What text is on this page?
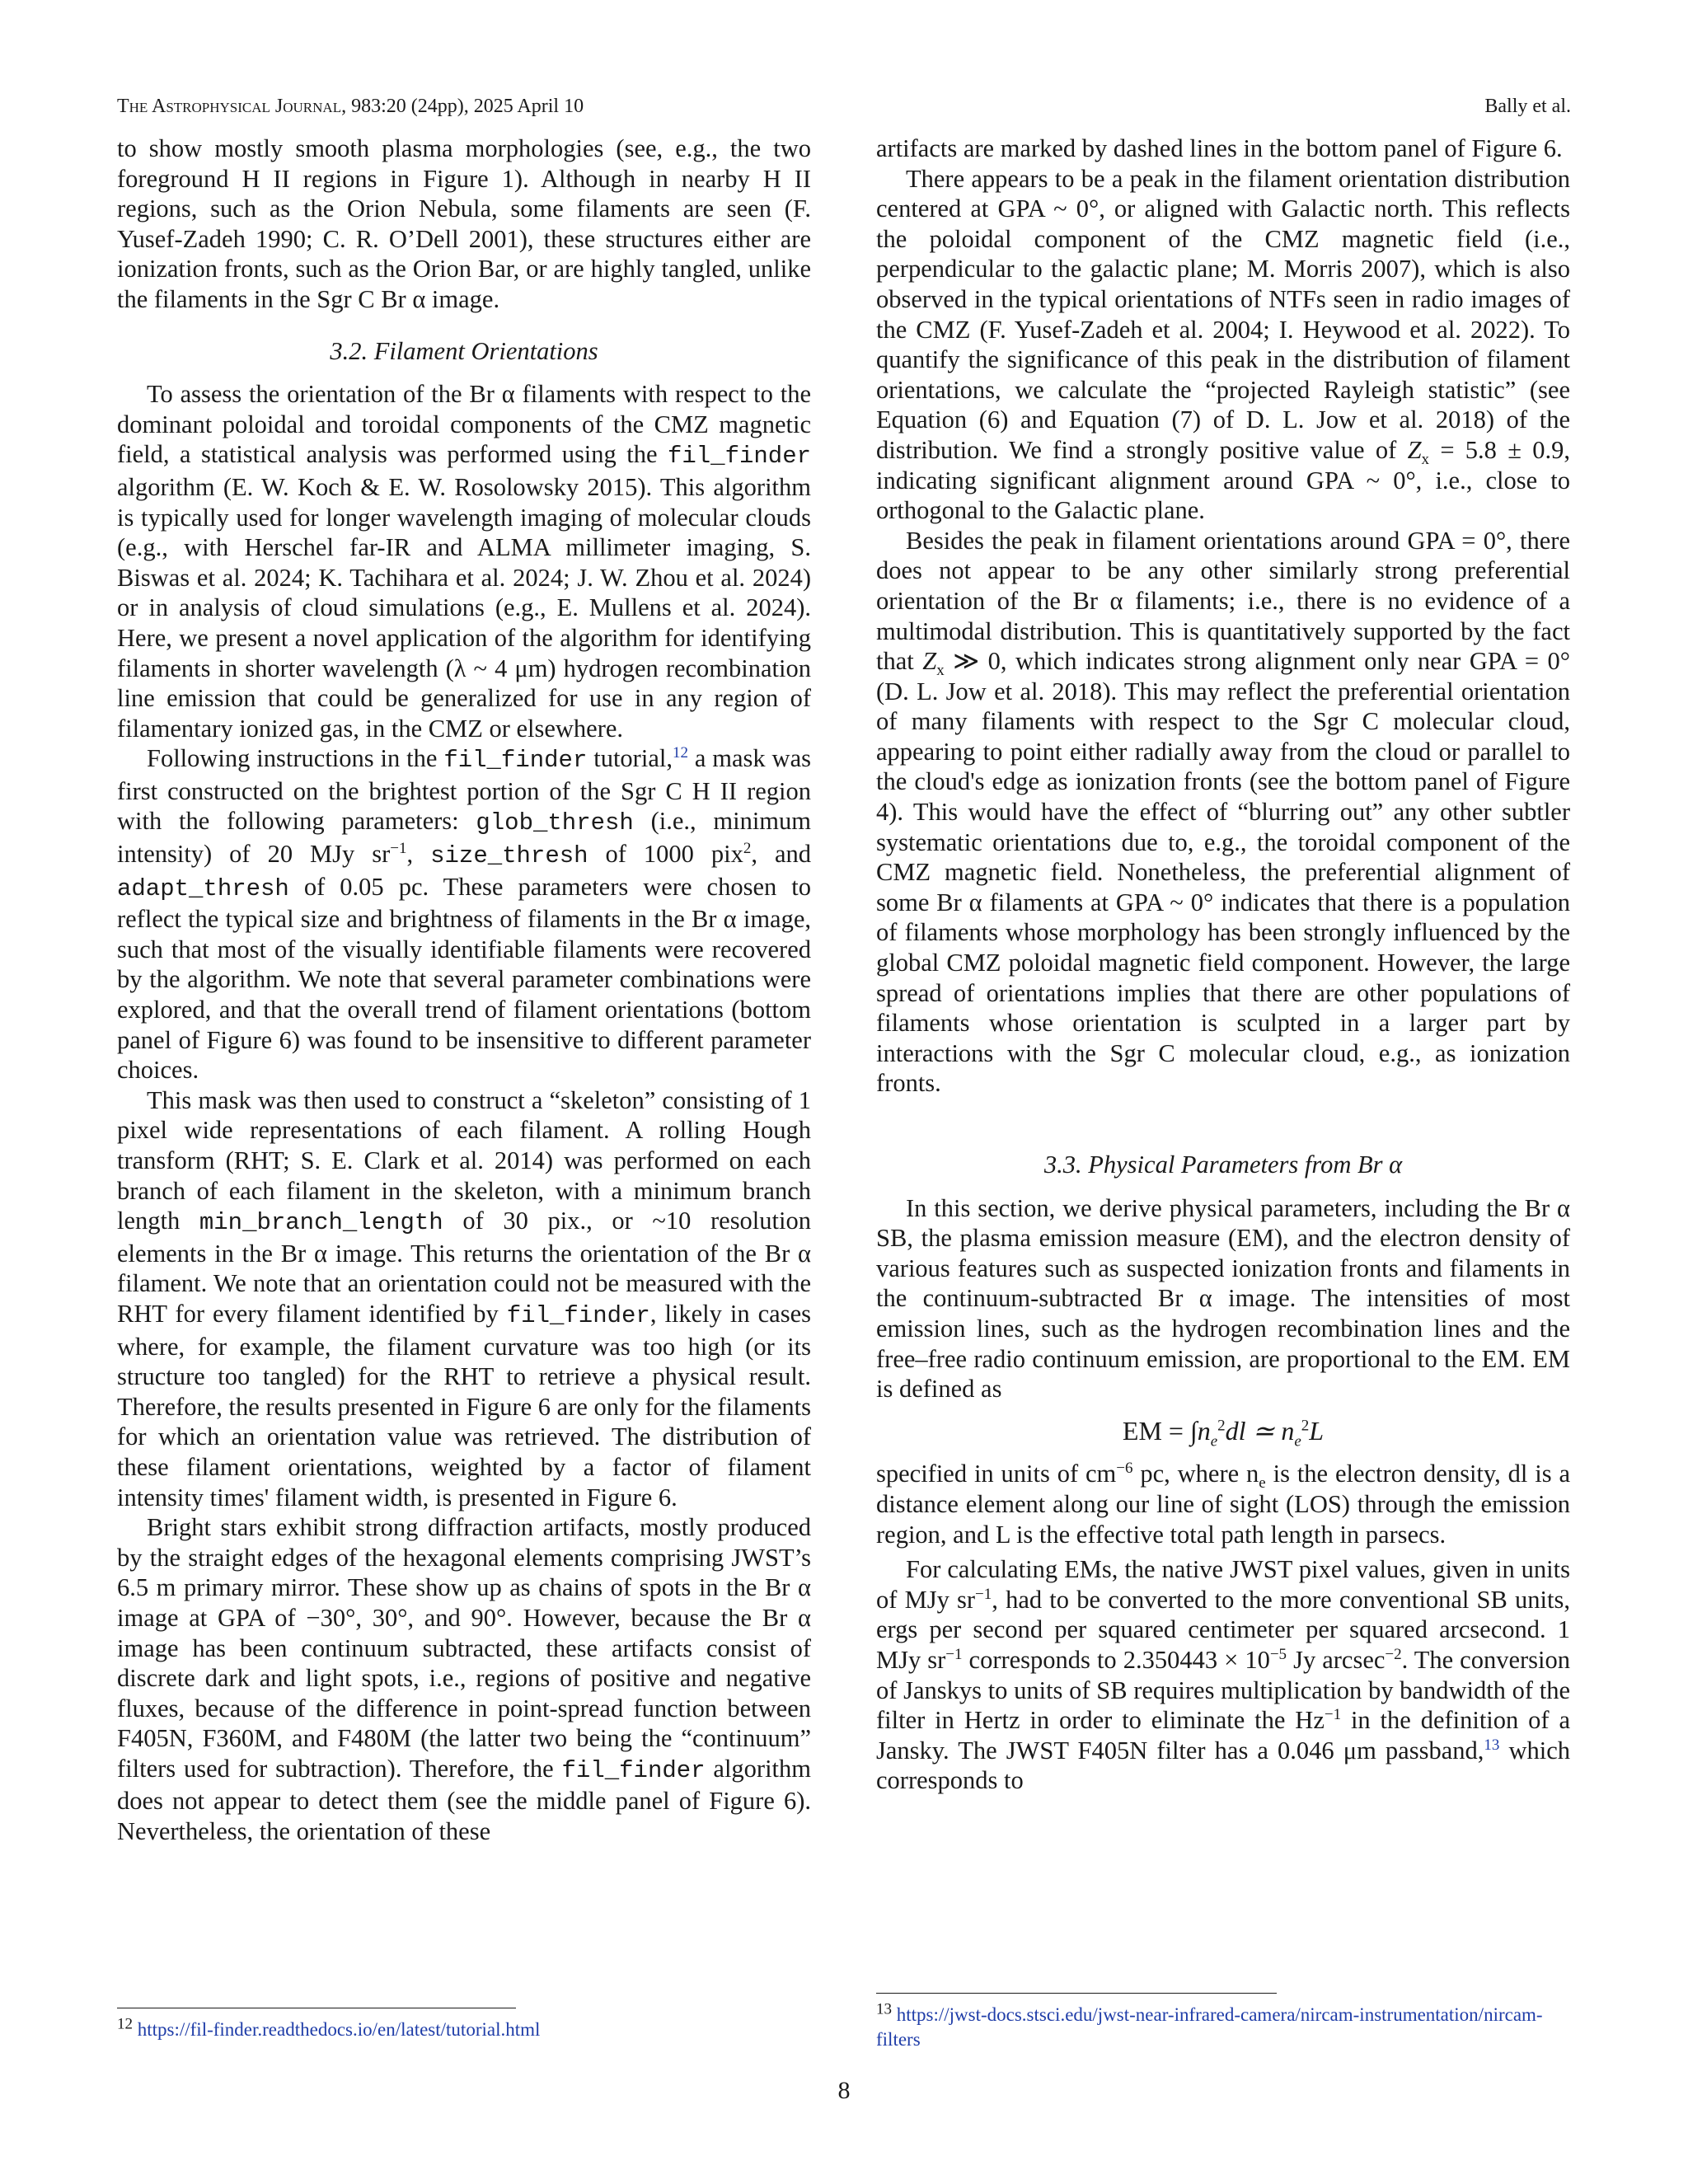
The Astrophysical Journal, 983:20 (24pp), 2025 April 10	Bally et al.

to show mostly smooth plasma morphologies (see, e.g., the two foreground H II regions in Figure 1). Although in nearby H II regions, such as the Orion Nebula, some filaments are seen (F. Yusef-Zadeh 1990; C. R. O’Dell 2001), these structures either are ionization fronts, such as the Orion Bar, or are highly tangled, unlike the filaments in the Sgr C Br α image.

3.2. Filament Orientations

To assess the orientation of the Br α filaments with respect to the dominant poloidal and toroidal components of the CMZ magnetic field, a statistical analysis was performed using the fil_finder algorithm (E. W. Koch & E. W. Rosolowsky 2015). This algorithm is typically used for longer wavelength imaging of molecular clouds (e.g., with Herschel far-IR and ALMA millimeter imaging, S. Biswas et al. 2024; K. Tachihara et al. 2024; J. W. Zhou et al. 2024) or in analysis of cloud simulations (e.g., E. Mullens et al. 2024). Here, we present a novel application of the algorithm for identifying filaments in shorter wavelength (λ ~ 4 μm) hydrogen recombination line emission that could be generalized for use in any region of filamentary ionized gas, in the CMZ or elsewhere.

Following instructions in the fil_finder tutorial,$^{12}$ a mask was first constructed on the brightest portion of the Sgr C H II region with the following parameters: glob_thresh (i.e., minimum intensity) of 20 MJy $sr^{-1}$, size_thresh of 1000 pix$^2$, and adapt_thresh of 0.05 pc. These parameters were chosen to reflect the typical size and brightness of filaments in the Br α image, such that most of the visually identifiable filaments were recovered by the algorithm. We note that several parameter combinations were explored, and that the overall trend of filament orientations (bottom panel of Figure 6) was found to be insensitive to different parameter choices.

This mask was then used to construct a “skeleton” consisting of 1 pixel wide representations of each filament. A rolling Hough transform (RHT; S. E. Clark et al. 2014) was performed on each branch of each filament in the skeleton, with a minimum branch length min_branch_length of 30 pix., or ~10 resolution elements in the Br α image. This returns the orientation of the Br α filament. We note that an orientation could not be measured with the RHT for every filament identified by fil_finder, likely in cases where, for example, the filament curvature was too high (or its structure too tangled) for the RHT to retrieve a physical result. Therefore, the results presented in Figure 6 are only for the filaments for which an orientation value was retrieved. The distribution of these filament orientations, weighted by a factor of filament intensity times' filament width, is presented in Figure 6.

Bright stars exhibit strong diffraction artifacts, mostly produced by the straight edges of the hexagonal elements comprising JWST’s 6.5 m primary mirror. These show up as chains of spots in the Br α image at GPA of −30°, 30°, and 90°. However, because the Br α image has been continuum subtracted, these artifacts consist of discrete dark and light spots, i.e., regions of positive and negative fluxes, because of the difference in point-spread function between F405N, F360M, and F480M (the latter two being the “continuum” filters used for subtraction). Therefore, the fil_finder algorithm does not appear to detect them (see the middle panel of Figure 6). Nevertheless, the orientation of these

$^{12}$ https://fil-finder.readthedocs.io/en/latest/tutorial.html

artifacts are marked by dashed lines in the bottom panel of Figure 6.

There appears to be a peak in the filament orientation distribution centered at GPA ~ 0°, or aligned with Galactic north. This reflects the poloidal component of the CMZ magnetic field (i.e., perpendicular to the galactic plane; M. Morris 2007), which is also observed in the typical orientations of NTFs seen in radio images of the CMZ (F. Yusef-Zadeh et al. 2004; I. Heywood et al. 2022). To quantify the significance of this peak in the distribution of filament orientations, we calculate the “projected Rayleigh statistic” (see Equation (6) and Equation (7) of D. L. Jow et al. 2018) of the distribution. We find a strongly positive value of $Z_x = 5.8 \pm 0.9$, indicating significant alignment around GPA ~ 0°, i.e., close to orthogonal to the Galactic plane.

Besides the peak in filament orientations around GPA = 0°, there does not appear to be any other similarly strong preferential orientation of the Br α filaments; i.e., there is no evidence of a multimodal distribution. This is quantitatively supported by the fact that $Z_x$ ≫ 0, which indicates strong alignment only near GPA = 0° (D. L. Jow et al. 2018). This may reflect the preferential orientation of many filaments with respect to the Sgr C molecular cloud, appearing to point either radially away from the cloud or parallel to the cloud's edge as ionization fronts (see the bottom panel of Figure 4). This would have the effect of “blurring out” any other subtler systematic orientations due to, e.g., the toroidal component of the CMZ magnetic field. Nonetheless, the preferential alignment of some Br α filaments at GPA ~ 0° indicates that there is a population of filaments whose morphology has been strongly influenced by the global CMZ poloidal magnetic field component. However, the large spread of orientations implies that there are other populations of filaments whose orientation is sculpted in a larger part by interactions with the Sgr C molecular cloud, e.g., as ionization fronts.

3.3. Physical Parameters from Br α

In this section, we derive physical parameters, including the Br α SB, the plasma emission measure (EM), and the electron density of various features such as suspected ionization fronts and filaments in the continuum-subtracted Br α image. The intensities of most emission lines, such as the hydrogen recombination lines and the free–free radio continuum emission, are proportional to the EM. EM is defined as

EM = $\int n_e^2dl$ ≃ $n_e^2L$

specified in units of $cm^{-6}$ pc, where $n_e$ is the electron density, dl is a distance element along our line of sight (LOS) through the emission region, and L is the effective total path length in parsecs.

For calculating EMs, the native JWST pixel values, given in units of MJy $sr^{-1}$, had to be converted to the more conventional SB units, ergs per second per squared centimeter per squared arcsecond. 1 MJy $sr^{-1}$ corresponds to $2.350443 \times 10^{-5}$ Jy arcsec$^{-2}$. The conversion of Janskys to units of SB requires multiplication by bandwidth of the filter in Hertz in order to eliminate the $Hz^{-1}$ in the definition of a Jansky. The JWST F405N filter has a 0.046 μm passband,$^{13}$ which corresponds to

$^{13}$ https://jwst-docs.stsci.edu/jwst-near-infrared-camera/nircam-instrumentation/nircam-filters
8
